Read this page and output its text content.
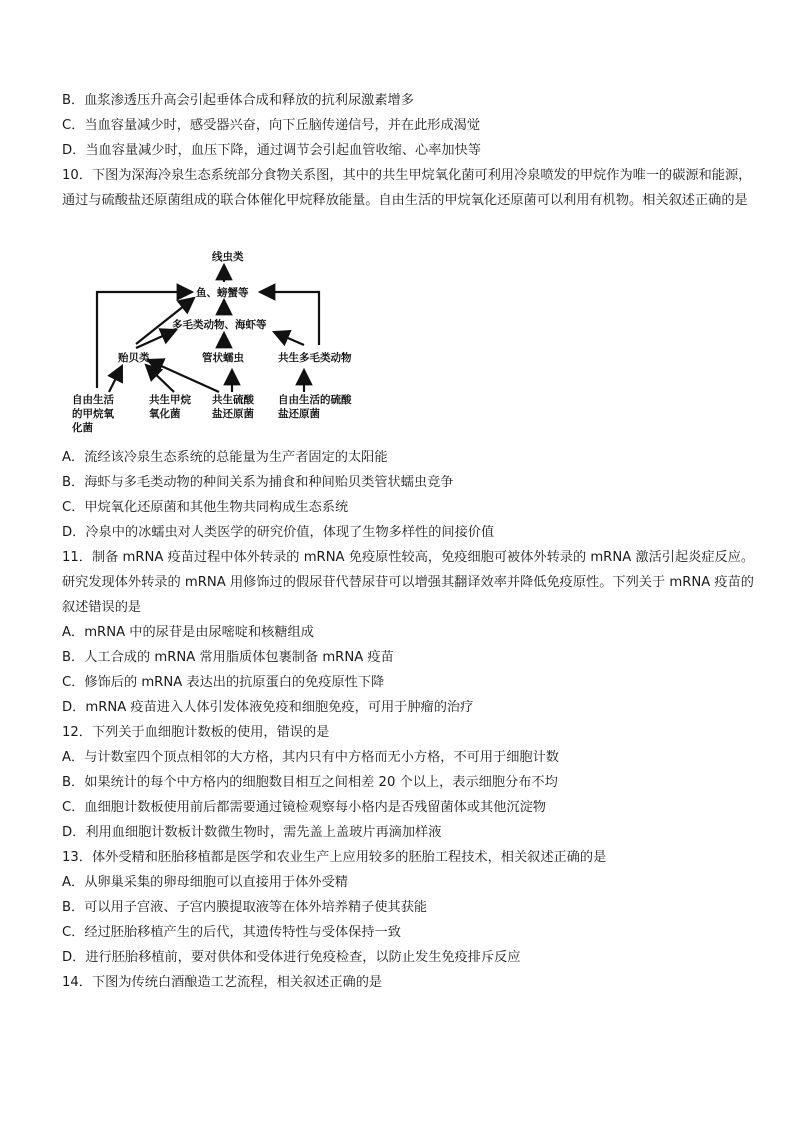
B．血浆渗透压升高会引起垂体合成和释放的抗利尿激素增多
C．当血容量减少时，感受器兴奋，向下丘脑传递信号，并在此形成渴觉
D．当血容量减少时，血压下降，通过调节会引起血管收缩、心率加快等
10．下图为深海冷泉生态系统部分食物关系图，其中的共生甲烷氧化菌可利用冷泉喷发的甲烷作为唯一的碳源和能源，通过与硫酸盐还原菌组成的联合体催化甲烷释放能量。自由生活的甲烷氧化还原菌可以利用有机物。相关叙述正确的是
线虫类
鱼、螃蟹等
多毛类动物、海虾等
贻贝类	管状蠕虫	共生多毛类动物
自由生活
的甲烷氧
化菌
共生甲烷
氧化菌
共生硫酸
盐还原菌
自由生活的硫酸
盐还原菌
A．流经该冷泉生态系统的总能量为生产者固定的太阳能
B．海虾与多毛类动物的种间关系为捕食和种间贻贝类管状蠕虫竞争
C．甲烷氧化还原菌和其他生物共同构成生态系统
D．冷泉中的冰蠕虫对人类医学的研究价值，体现了生物多样性的间接价值
11．制备 mRNA 疫苗过程中体外转录的 mRNA 免疫原性较高，免疫细胞可被体外转录的 mRNA 激活引起炎症反应。研究发现体外转录的 mRNA 用修饰过的假尿苷代替尿苷可以增强其翻译效率并降低免疫原性。下列关于 mRNA 疫苗的叙述错误的是
A．mRNA 中的尿苷是由尿嘧啶和核糖组成
B．人工合成的 mRNA 常用脂质体包裹制备 mRNA 疫苗
C．修饰后的 mRNA 表达出的抗原蛋白的免疫原性下降
D．mRNA 疫苗进入人体引发体液免疫和细胞免疫，可用于肿瘤的治疗
12．下列关于血细胞计数板的使用，错误的是
A．与计数室四个顶点相邻的大方格，其内只有中方格而无小方格，不可用于细胞计数
B．如果统计的每个中方格内的细胞数目相互之间相差 20 个以上，表示细胞分布不均
C．血细胞计数板使用前后都需要通过镜检观察每小格内是否残留菌体或其他沉淀物
D．利用血细胞计数板计数微生物时，需先盖上盖玻片再滴加样液
13．体外受精和胚胎移植都是医学和农业生产上应用较多的胚胎工程技术，相关叙述正确的是
A．从卵巢采集的卵母细胞可以直接用于体外受精
B．可以用子宫液、子宫内膜提取液等在体外培养精子使其获能
C．经过胚胎移植产生的后代，其遗传特性与受体保持一致
D．进行胚胎移植前，要对供体和受体进行免疫检查，以防止发生免疫排斥反应
14．下图为传统白酒酿造工艺流程，相关叙述正确的是
